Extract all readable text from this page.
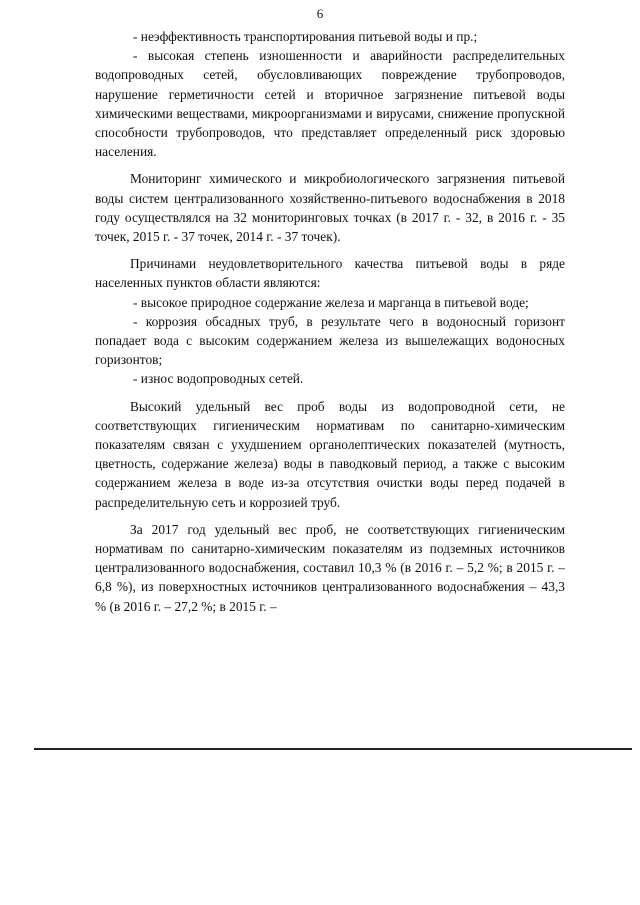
6

- неэффективность транспортирования питьевой воды и пр.;

- высокая степень изношенности и аварийности распределительных водопроводных сетей, обусловливающих повреждение трубопроводов, нарушение герметичности сетей и вторичное загрязнение питьевой воды химическими веществами, микроорганизмами и вирусами, снижение пропускной способности трубопроводов, что представляет определенный риск здоровью населения.

Мониторинг химического и микробиологического загрязнения питьевой воды систем централизованного хозяйственно-питьевого водоснабжения в 2018 году осуществлялся на 32 мониторинговых точках (в 2017 г. - 32, в 2016 г. - 35 точек, 2015 г. - 37 точек, 2014 г. - 37 точек).

Причинами неудовлетворительного качества питьевой воды в ряде населенных пунктов области являются:

- высокое природное содержание железа и марганца в питьевой воде;

- коррозия обсадных труб, в результате чего в водоносный горизонт попадает вода с высоким содержанием железа из вышележащих водоносных горизонтов;

- износ водопроводных сетей.

Высокий удельный вес проб воды из водопроводной сети, не соответствующих гигиеническим нормативам по санитарно-химическим показателям связан с ухудшением органолептических показателей (мутность, цветность, содержание железа) воды в паводковый период, а также с высоким содержанием железа в воде из-за отсутствия очистки воды перед подачей в распределительную сеть и коррозией труб.

За 2017 год удельный вес проб, не соответствующих гигиеническим нормативам по санитарно-химическим показателям из подземных источников централизованного водоснабжения, составил 10,3 % (в 2016 г. – 5,2 %; в 2015 г. – 6,8 %), из поверхностных источников централизованного водоснабжения – 43,3 % (в 2016 г. – 27,2 %; в 2015 г. –
